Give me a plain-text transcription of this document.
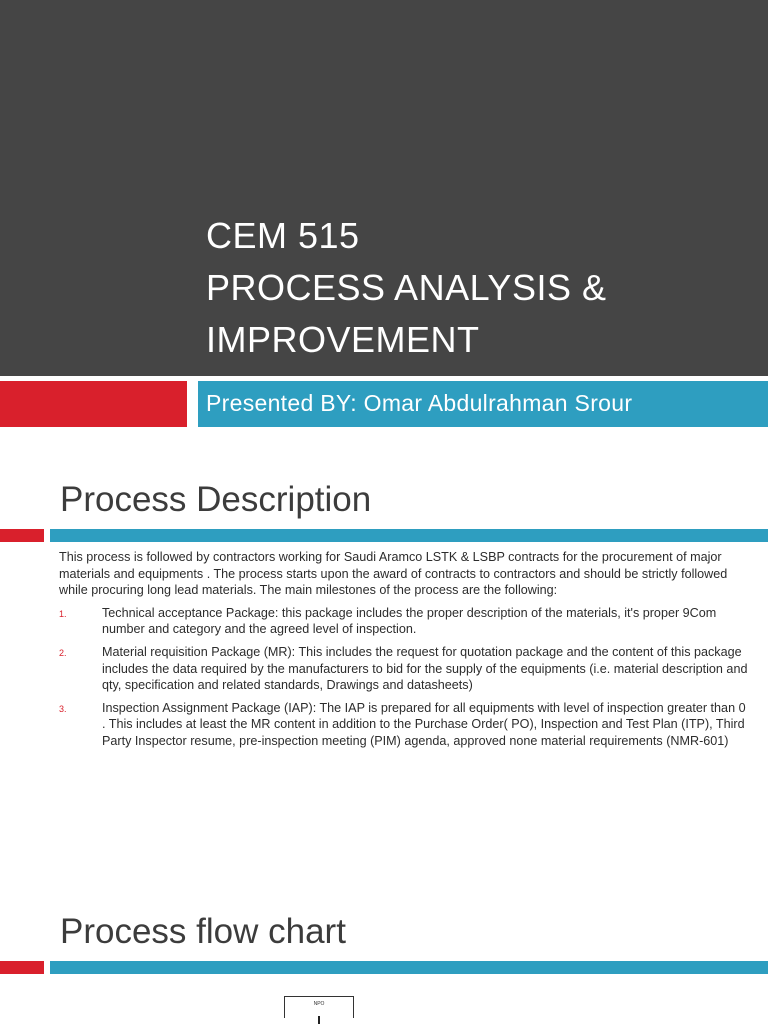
CEM 515
PROCESS ANALYSIS &
IMPROVEMENT

Presented BY: Omar Abdulrahman Srour

Process Description

This process is followed by contractors working for Saudi Aramco LSTK & LSBP contracts for the procurement of major materials and equipments . The process starts upon the award of contracts to contractors and should be strictly followed while procuring long lead materials. The main milestones of the process are the following:

1.	Technical acceptance Package: this package includes the proper description of the materials, it's proper 9Com number and category and the agreed level of inspection.
2.	Material requisition Package (MR): This includes the request for quotation package and the content of this package includes the data required by the manufacturers to bid for the supply of the equipments (i.e. material description and qty, specification and related standards, Drawings and datasheets)
3.	Inspection Assignment Package (IAP): The IAP is prepared for all equipments with level of inspection greater than 0 . This includes at least the MR content in addition to the Purchase Order( PO), Inspection and Test Plan (ITP), Third Party Inspector resume, pre-inspection meeting (PIM) agenda, approved none material requirements (NMR-601)
Process flow chart
NPO
